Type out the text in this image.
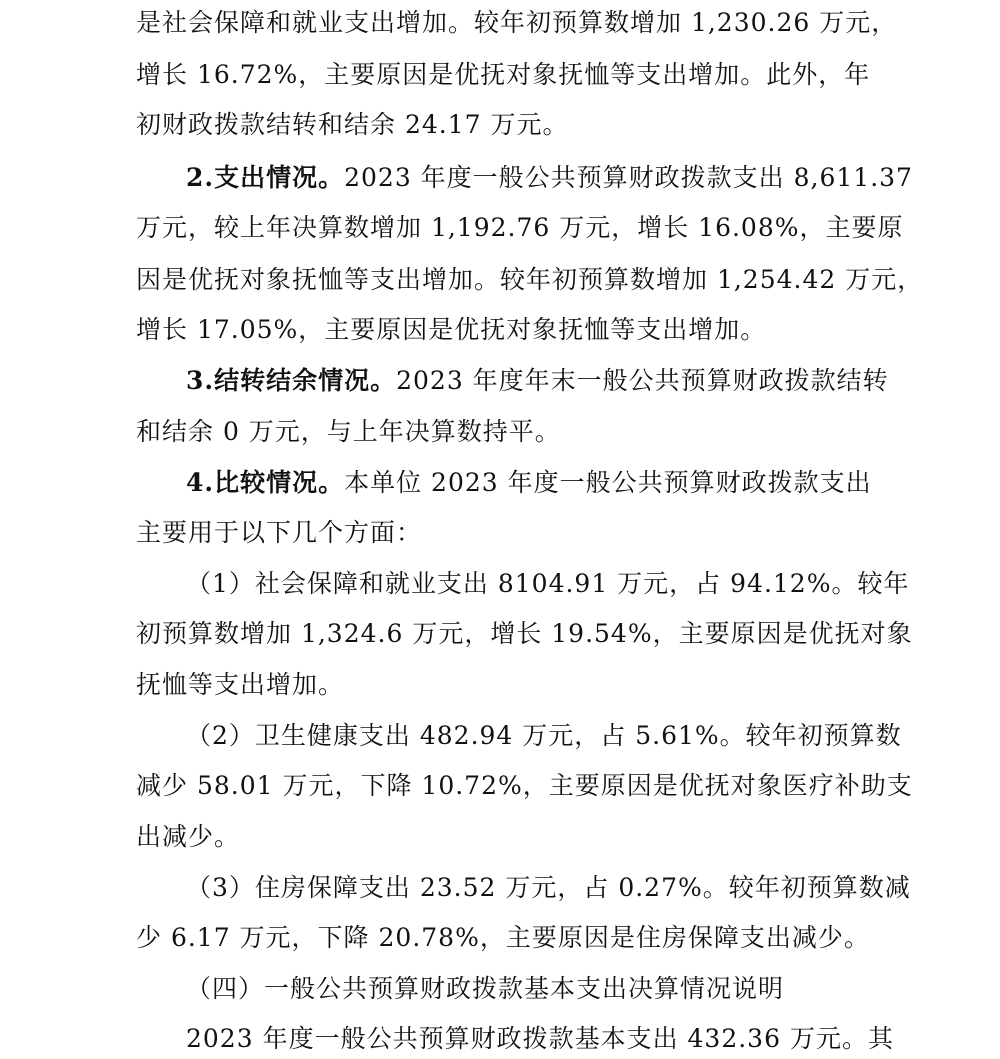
是社会保障和就业支出增加。较年初预算数增加 1,230.26 万元，
增长 16.72%，主要原因是优抚对象抚恤等支出增加。此外，年
初财政拨款结转和结余 24.17 万元。
2.支出情况。2023 年度一般公共预算财政拨款支出 8,611.37
万元，较上年决算数增加 1,192.76 万元，增长 16.08%，主要原
因是优抚对象抚恤等支出增加。较年初预算数增加 1,254.42 万元，
增长 17.05%，主要原因是优抚对象抚恤等支出增加。
3.结转结余情况。2023 年度年末一般公共预算财政拨款结转
和结余 0 万元，与上年决算数持平。
4.比较情况。本单位 2023 年度一般公共预算财政拨款支出
主要用于以下几个方面：
（1）社会保障和就业支出 8104.91 万元，占 94.12%。较年
初预算数增加 1,324.6 万元，增长 19.54%，主要原因是优抚对象
抚恤等支出增加。
（2）卫生健康支出 482.94 万元，占 5.61%。较年初预算数
减少 58.01 万元，下降 10.72%，主要原因是优抚对象医疗补助支
出减少。
（3）住房保障支出 23.52 万元，占 0.27%。较年初预算数减
少 6.17 万元，下降 20.78%，主要原因是住房保障支出减少。
（四）一般公共预算财政拨款基本支出决算情况说明
2023 年度一般公共预算财政拨款基本支出 432.36 万元。其
